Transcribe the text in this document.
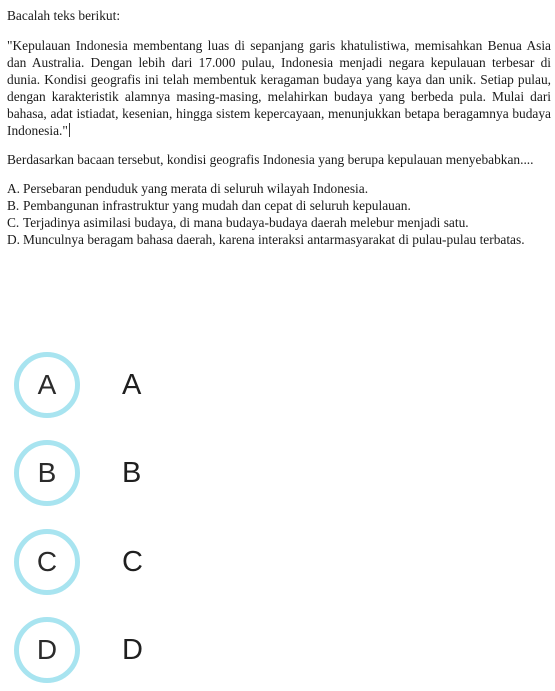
Bacalah teks berikut:

"Kepulauan Indonesia membentang luas di sepanjang garis khatulistiwa, memisahkan Benua Asia dan Australia. Dengan lebih dari 17.000 pulau, Indonesia menjadi negara kepulauan terbesar di dunia. Kondisi geografis ini telah membentuk keragaman budaya yang kaya dan unik. Setiap pulau, dengan karakteristik alamnya masing-masing, melahirkan budaya yang berbeda pula. Mulai dari bahasa, adat istiadat, kesenian, hingga sistem kepercayaan, menunjukkan betapa beragamnya budaya Indonesia."

Berdasarkan bacaan tersebut, kondisi geografis Indonesia yang berupa kepulauan menyebabkan....

A. Persebaran penduduk yang merata di seluruh wilayah Indonesia.
B. Pembangunan infrastruktur yang mudah dan cepat di seluruh kepulauan.
C. Terjadinya asimilasi budaya, di mana budaya-budaya daerah melebur menjadi satu.
D. Munculnya beragam bahasa daerah, karena interaksi antarmasyarakat di pulau-pulau terbatas.
A A
B B
C C
D D
